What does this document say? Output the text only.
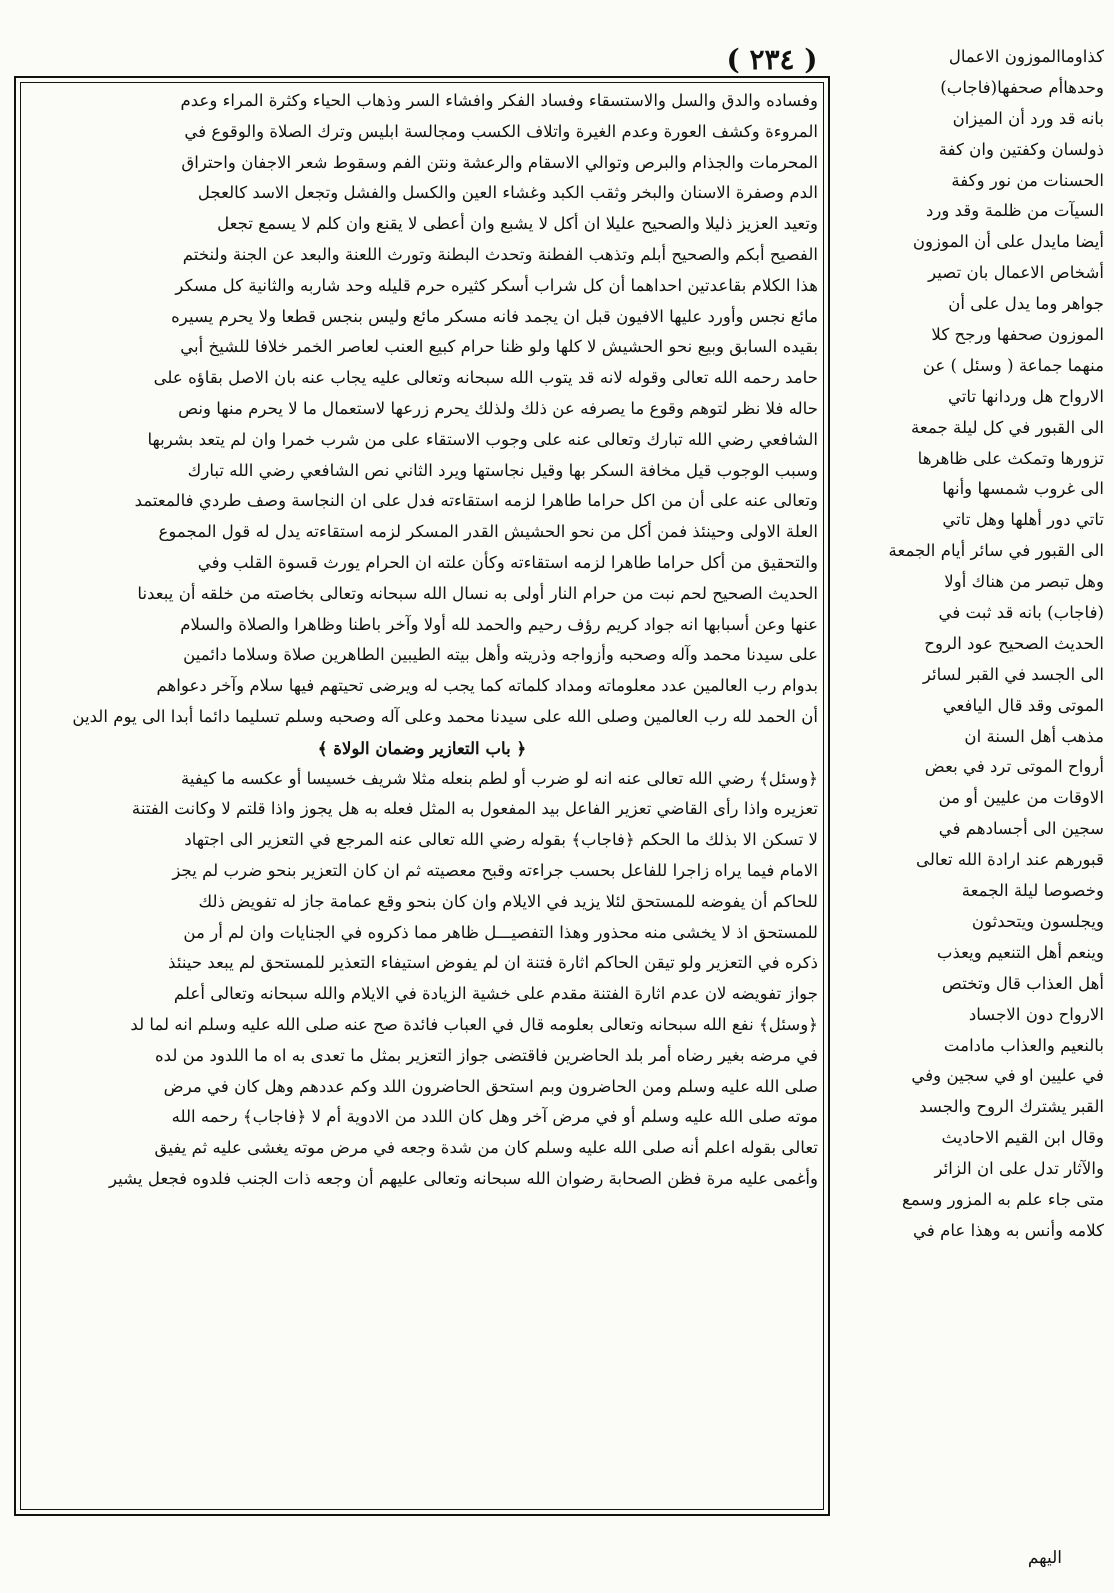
( ٢٣٤ )
وفساده والدق والسل والاستسقاء وفساد الفكر وافشاء السر وذهاب الحياء وكثرة المراء وعدم
المروءة وكشف العورة وعدم الغيرة واتلاف الكسب ومجالسة ابليس وترك الصلاة والوقوع في
المحرمات والجذام والبرص وتوالي الاسقام والرعشة ونتن الفم وسقوط شعر الاجفان واحتراق
الدم وصفرة الاسنان والبخر وثقب الكبد وغشاء العين والكسل والفشل وتجعل الاسد كالعجل
وتعيد العزيز ذليلا والصحيح عليلا ان أكل لا يشبع وان أعطى لا يقنع وان كلم لا يسمع تجعل
الفصيح أبكم والصحيح أبلم وتذهب الفطنة وتحدث البطنة وتورث اللعنة والبعد عن الجنة ولنختم
هذا الكلام بقاعدتين احداهما أن كل شراب أسكر كثيره حرم قليله وحد شاربه والثانية كل مسكر
مائع نجس وأورد عليها الافيون قبل ان يجمد فانه مسكر مائع وليس بنجس قطعا ولا يحرم يسيره
بقيده السابق وبيع نحو الحشيش لا كلها ولو ظنا حرام كبيع العنب لعاصر الخمر خلافا للشيخ أبي
حامد رحمه الله تعالى وقوله لانه قد يتوب الله سبحانه وتعالى عليه يجاب عنه بان الاصل بقاؤه على
حاله فلا نظر لتوهم وقوع ما يصرفه عن ذلك ولذلك يحرم زرعها لاستعمال ما لا يحرم منها ونص
الشافعي رضي الله تبارك وتعالى عنه على وجوب الاستقاء على من شرب خمرا وان لم يتعد بشربها
وسبب الوجوب قيل مخافة السكر بها وقيل نجاستها ويرد الثاني نص الشافعي رضي الله تبارك
وتعالى عنه على أن من اكل حراما طاهرا لزمه استقاءته فدل على ان النجاسة وصف طردي فالمعتمد
العلة الاولى وحينئذ فمن أكل من نحو الحشيش القدر المسكر لزمه استقاءته يدل له قول المجموع
والتحقيق من أكل حراما طاهرا لزمه استقاءته وكأن علته ان الحرام يورث قسوة القلب وفي
الحديث الصحيح لحم نبت من حرام النار أولى به نسال الله سبحانه وتعالى بخاصته من خلقه أن يبعدنا
عنها وعن أسبابها انه جواد كريم رؤف رحيم والحمد لله أولا وآخر باطنا وظاهرا والصلاة والسلام
على سيدنا محمد وآله وصحبه وأزواجه وذريته وأهل بيته الطيبين الطاهرين صلاة وسلاما دائمين
بدوام رب العالمين عدد معلوماته ومداد كلماته كما يجب له ويرضى تحيتهم فيها سلام وآخر دعواهم
أن الحمد لله رب العالمين وصلى الله على سيدنا محمد وعلى آله وصحبه وسلم تسليما دائما أبدا الى يوم الدين
﴿ باب التعازير وضمان الولاة ﴾
﴿وسئل﴾ رضي الله تعالى عنه انه لو ضرب أو لطم بنعله مثلا شريف خسيسا أو عكسه ما كيفية
تعزيره واذا رأى القاضي تعزير الفاعل بيد المفعول به المثل فعله به هل يجوز واذا قلتم لا وكانت الفتنة
لا تسكن الا بذلك ما الحكم ﴿فاجاب﴾ بقوله رضي الله تعالى عنه المرجع في التعزير الى اجتهاد
الامام فيما يراه زاجرا للفاعل بحسب جراءته وقبح معصيته ثم ان كان التعزير بنحو ضرب لم يجز
للحاكم أن يفوضه للمستحق لئلا يزيد في الايلام وان كان بنحو وقع عمامة جاز له تفويض ذلك
للمستحق اذ لا يخشى منه محذور وهذا التفصيـــل ظاهر مما ذكروه في الجنايات وان لم أر من
ذكره في التعزير ولو تيقن الحاكم اثارة فتنة ان لم يفوض استيفاء التعذير للمستحق لم يبعد حينئذ
جواز تفويضه لان عدم اثارة الفتنة مقدم على خشية الزيادة في الايلام والله سبحانه وتعالى أعلم
﴿وسئل﴾ نفع الله سبحانه وتعالى بعلومه قال في العباب فائدة صح عنه صلى الله عليه وسلم انه لما لد
في مرضه بغير رضاه أمر بلد الحاضرين فاقتضى جواز التعزير بمثل ما تعدى به اه ما اللدود من لده
صلى الله عليه وسلم ومن الحاضرون وبم استحق الحاضرون اللد وكم عددهم وهل كان في مرض
موته صلى الله عليه وسلم أو في مرض آخر وهل كان اللدد من الادوية أم لا ﴿فاجاب﴾ رحمه الله
تعالى بقوله اعلم أنه صلى الله عليه وسلم كان من شدة وجعه في مرض موته يغشى عليه ثم يفيق
وأغمى عليه مرة فظن الصحابة رضوان الله سبحانه وتعالى عليهم أن وجعه ذات الجنب فلدوه فجعل يشير
كذاوماالموزون الاعمال
وحدهاأم صحفها(فاجاب)
بانه قد ورد أن الميزان
ذولسان وكفتين وان كفة
الحسنات من نور وكفة
السيآت من ظلمة وقد ورد
أيضا مايدل على أن الموزون
أشخاص الاعمال بان تصير
جواهر وما يدل على أن
الموزون صحفها ورجح كلا
منهما جماعة ( وسئل ) عن
الارواح هل وردانها تاتي
الى القبور في كل ليلة جمعة
تزورها وتمكث على ظاهرها
الى غروب شمسها وأنها
تاتي دور أهلها وهل تاتي
الى القبور في سائر أيام الجمعة
وهل تبصر من هناك أولا
(فاجاب) بانه قد ثبت في
الحديث الصحيح عود الروح
الى الجسد في القبر لسائر
الموتى وقد قال اليافعي
مذهب أهل السنة ان
أرواح الموتى ترد في بعض
الاوقات من عليين أو من
سجين الى أجسادهم في
قبورهم عند ارادة الله تعالى
وخصوصا ليلة الجمعة
ويجلسون ويتحدثون
وينعم أهل التنعيم ويعذب
أهل العذاب قال وتختص
الارواح دون الاجساد
بالنعيم والعذاب مادامت
في عليين او في سجين وفي
القبر يشترك الروح والجسد
وقال ابن القيم الاحاديث
والآثار تدل على ان الزائر
متى جاء علم به المزور وسمع
كلامه وأنس به وهذا عام في
اليهم
